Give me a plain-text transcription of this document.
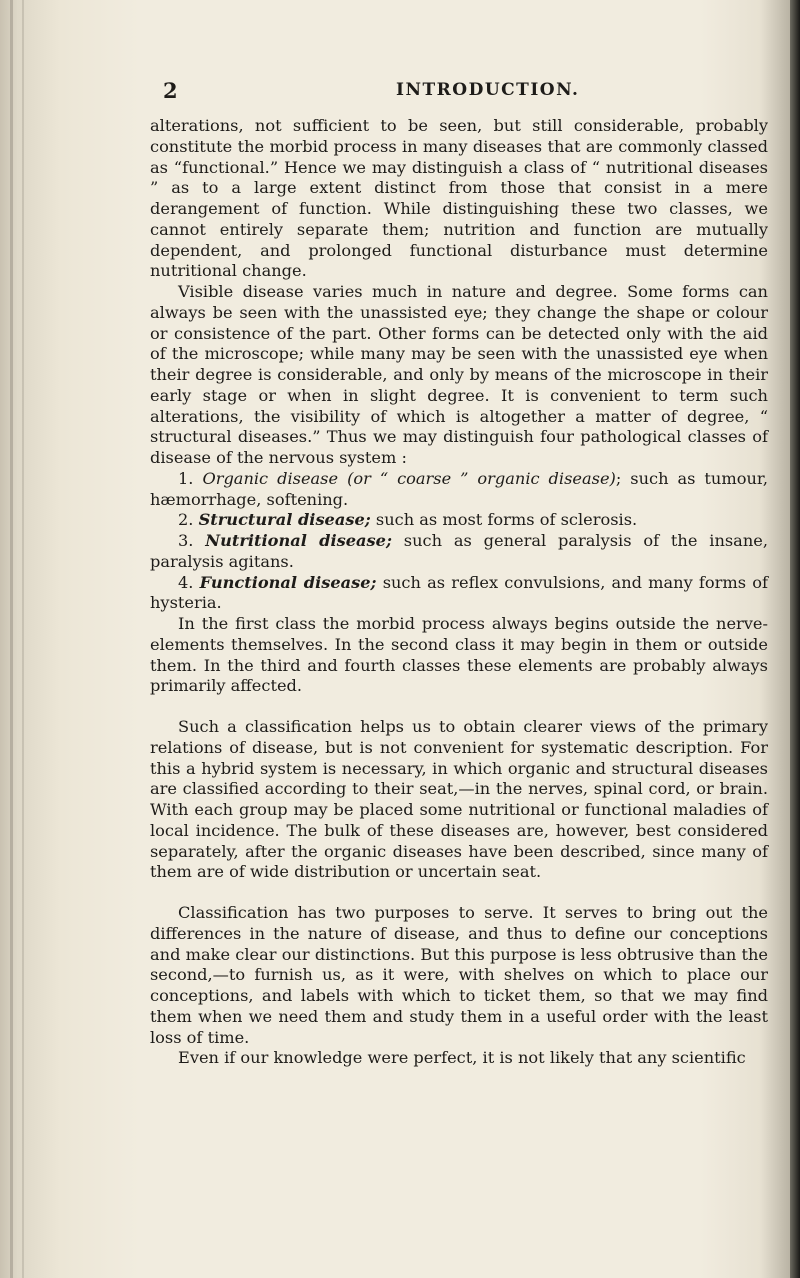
2	INTRODUCTION.

alterations, not sufficient to be seen, but still considerable, probably constitute the morbid process in many diseases that are commonly classed as “functional.” Hence we may distinguish a class of “ nutritional diseases ” as to a large extent distinct from those that consist in a mere derangement of function. While distinguishing these two classes, we cannot entirely separate them; nutrition and function are mutually dependent, and prolonged functional disturbance must determine nutritional change.

Visible disease varies much in nature and degree. Some forms can always be seen with the unassisted eye; they change the shape or colour or consistence of the part. Other forms can be detected only with the aid of the microscope; while many may be seen with the unassisted eye when their degree is considerable, and only by means of the microscope in their early stage or when in slight degree. It is convenient to term such alterations, the visibility of which is altogether a matter of degree, “ structural diseases.” Thus we may distinguish four pathological classes of disease of the nervous system :

1. Organic disease (or “ coarse ” organic disease); such as tumour, hæmorrhage, softening.

2. Structural disease; such as most forms of sclerosis.

3. Nutritional disease; such as general paralysis of the insane, paralysis agitans.

4. Functional disease; such as reflex convulsions, and many forms of hysteria.

In the first class the morbid process always begins outside the nerve-elements themselves. In the second class it may begin in them or outside them. In the third and fourth classes these elements are probably always primarily affected.

Such a classification helps us to obtain clearer views of the primary relations of disease, but is not convenient for systematic description. For this a hybrid system is necessary, in which organic and structural diseases are classified according to their seat,—in the nerves, spinal cord, or brain. With each group may be placed some nutritional or functional maladies of local incidence. The bulk of these diseases are, however, best considered separately, after the organic diseases have been described, since many of them are of wide distribution or uncertain seat.

Classification has two purposes to serve. It serves to bring out the differences in the nature of disease, and thus to define our conceptions and make clear our distinctions. But this purpose is less obtrusive than the second,—to furnish us, as it were, with shelves on which to place our conceptions, and labels with which to ticket them, so that we may find them when we need them and study them in a useful order with the least loss of time.

Even if our knowledge were perfect, it is not likely that any scientific
